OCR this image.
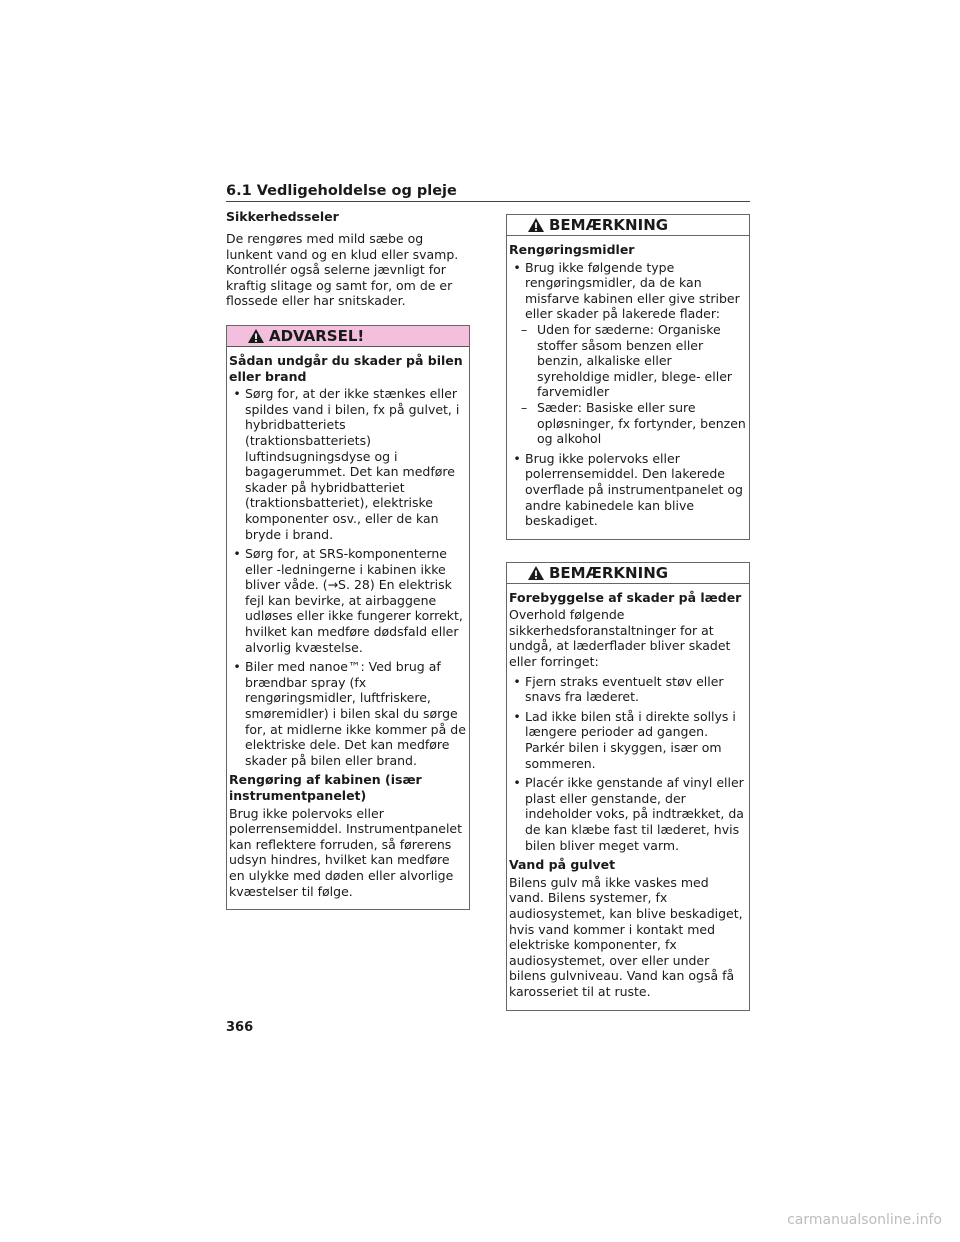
6.1 Vedligeholdelse og pleje

Sikkerhedsseler

De rengøres med mild sæbe og lunkent vand og en klud eller svamp. Kontrollér også selerne jævnligt for kraftig slitage og samt for, om de er flossede eller har snitskader.

ADVARSEL!

Sådan undgår du skader på bilen eller brand

• Sørg for, at der ikke stænkes eller spildes vand i bilen, fx på gulvet, i hybridbatteriets (traktionsbatteriets) luftindsugningsdyse og i bagagerummet. Det kan medføre skader på hybridbatteriet (traktionsbatteriet), elektriske komponenter osv., eller de kan bryde i brand.

• Sørg for, at SRS-komponenterne eller -ledningerne i kabinen ikke bliver våde. (→S. 28) En elektrisk fejl kan bevirke, at airbaggene udløses eller ikke fungerer korrekt, hvilket kan medføre dødsfald eller alvorlig kvæstelse.

• Biler med nanoe™: Ved brug af brændbar spray (fx rengøringsmidler, luftfriskere, smøremidler) i bilen skal du sørge for, at midlerne ikke kommer på de elektriske dele. Det kan medføre skader på bilen eller brand.

Rengøring af kabinen (især instrumentpanelet)

Brug ikke polervoks eller polerrensemiddel. Instrumentpanelet kan reflektere forruden, så førerens udsyn hindres, hvilket kan medføre en ulykke med døden eller alvorlige kvæstelser til følge.

BEMÆRKNING

Rengøringsmidler

• Brug ikke følgende type rengøringsmidler, da de kan misfarve kabinen eller give striber eller skader på lakerede flader:

– Uden for sæderne: Organiske stoffer såsom benzen eller benzin, alkaliske eller syreholdige midler, blege- eller farvemidler

– Sæder: Basiske eller sure opløsninger, fx fortynder, benzen og alkohol

• Brug ikke polervoks eller polerrensemiddel. Den lakerede overflade på instrumentpanelet og andre kabinedele kan blive beskadiget.

BEMÆRKNING

Forebyggelse af skader på læder

Overhold følgende sikkerhedsforanstaltninger for at undgå, at læderflader bliver skadet eller forringet:

• Fjern straks eventuelt støv eller snavs fra læderet.

• Lad ikke bilen stå i direkte sollys i længere perioder ad gangen. Parkér bilen i skyggen, især om sommeren.

• Placér ikke genstande af vinyl eller plast eller genstande, der indeholder voks, på indtrækket, da de kan klæbe fast til læderet, hvis bilen bliver meget varm.

Vand på gulvet

Bilens gulv må ikke vaskes med vand. Bilens systemer, fx audiosystemet, kan blive beskadiget, hvis vand kommer i kontakt med elektriske komponenter, fx audiosystemet, over eller under bilens gulvniveau. Vand kan også få karosseriet til at ruste.

366
carmanualsonline.info
